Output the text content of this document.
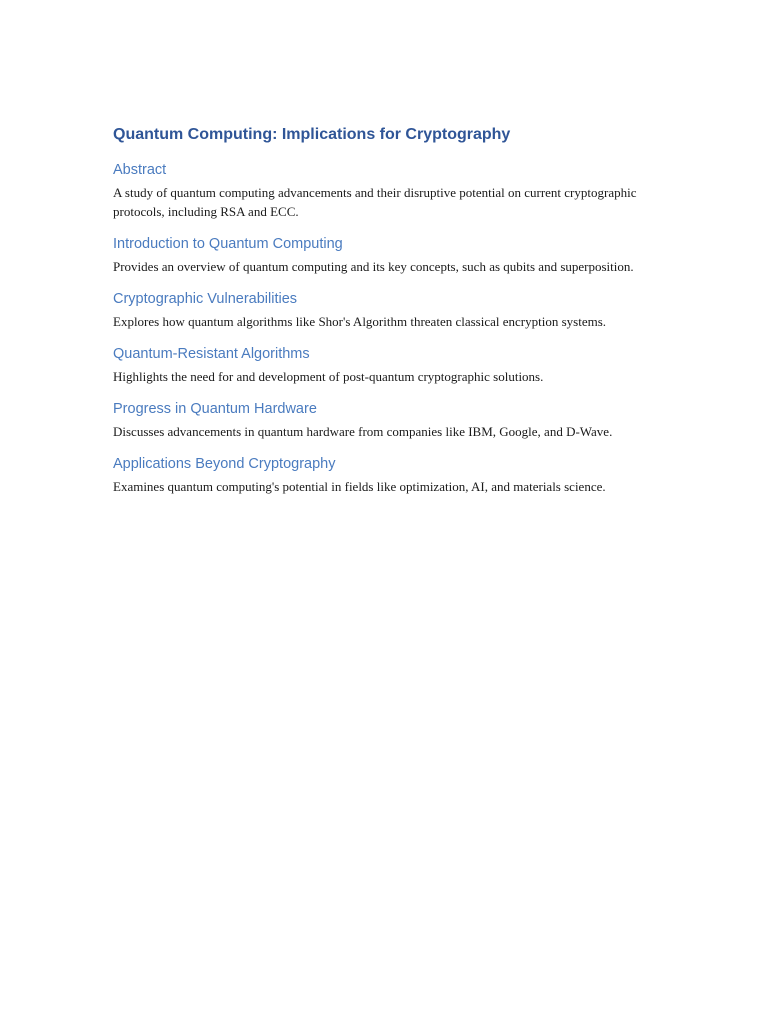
Quantum Computing: Implications for Cryptography
Abstract

A study of quantum computing advancements and their disruptive potential on current cryptographic protocols, including RSA and ECC.

Introduction to Quantum Computing

Provides an overview of quantum computing and its key concepts, such as qubits and superposition.

Cryptographic Vulnerabilities

Explores how quantum algorithms like Shor's Algorithm threaten classical encryption systems.

Quantum-Resistant Algorithms

Highlights the need for and development of post-quantum cryptographic solutions.

Progress in Quantum Hardware

Discusses advancements in quantum hardware from companies like IBM, Google, and D-Wave.

Applications Beyond Cryptography

Examines quantum computing's potential in fields like optimization, AI, and materials science.
